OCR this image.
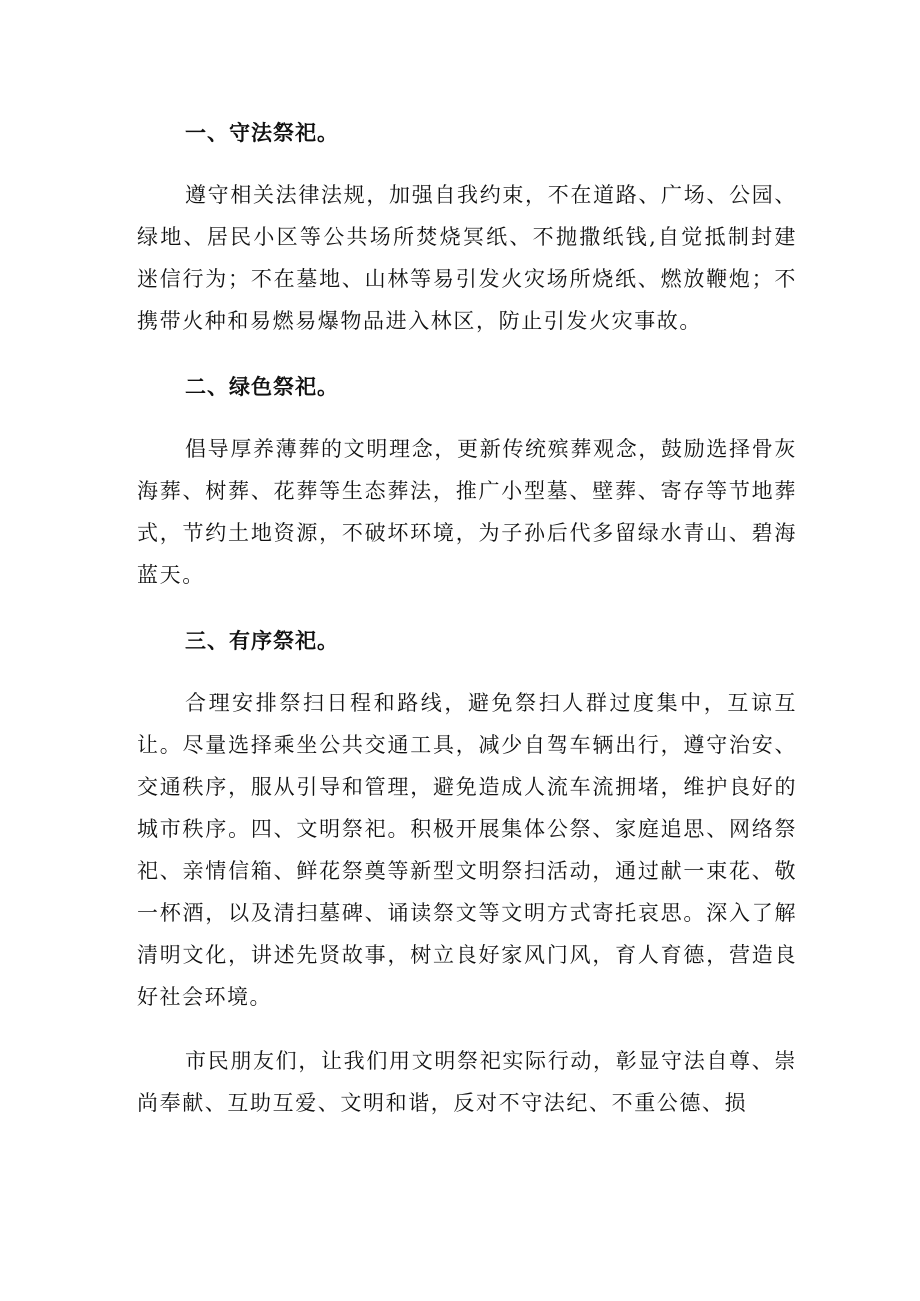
一、守法祭祀。

遵守相关法律法规，加强自我约束，不在道路、广场、公园、绿地、居民小区等公共场所焚烧冥纸、不抛撒纸钱,自觉抵制封建迷信行为；不在墓地、山林等易引发火灾场所烧纸、燃放鞭炮；不携带火种和易燃易爆物品进入林区，防止引发火灾事故。

二、绿色祭祀。

倡导厚养薄葬的文明理念，更新传统殡葬观念，鼓励选择骨灰海葬、树葬、花葬等生态葬法，推广小型墓、壁葬、寄存等节地葬式，节约土地资源，不破坏环境，为子孙后代多留绿水青山、碧海蓝天。

三、有序祭祀。

合理安排祭扫日程和路线，避免祭扫人群过度集中，互谅互让。尽量选择乘坐公共交通工具，减少自驾车辆出行，遵守治安、交通秩序，服从引导和管理，避免造成人流车流拥堵，维护良好的城市秩序。四、文明祭祀。积极开展集体公祭、家庭追思、网络祭祀、亲情信箱、鲜花祭奠等新型文明祭扫活动，通过献一束花、敬一杯酒，以及清扫墓碑、诵读祭文等文明方式寄托哀思。深入了解清明文化，讲述先贤故事，树立良好家风门风，育人育德，营造良好社会环境。

市民朋友们，让我们用文明祭祀实际行动，彰显守法自尊、崇尚奉献、互助互爱、文明和谐，反对不守法纪、不重公德、损
